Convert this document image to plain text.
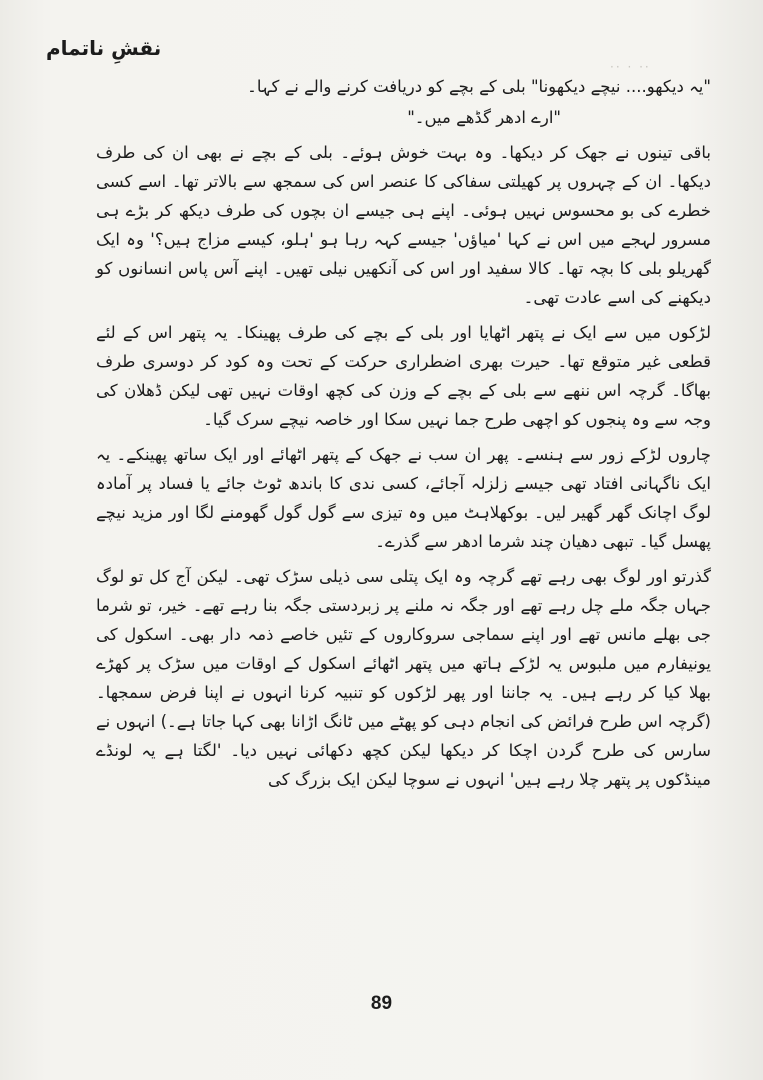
نقشِ ناتمام
·· · ··

"یہ دیکھو.... نیچے دیکھونا" بلی کے بچے کو دریافت کرنے والے نے کہا۔

"ارے ادھر گڈھے میں۔"

باقی تینوں نے جھک کر دیکھا۔ وہ بہت خوش ہوئے۔ بلی کے بچے نے بھی ان کی طرف دیکھا۔ ان کے چہروں پر کھیلتی سفاکی کا عنصر اس کی سمجھ سے بالاتر تھا۔ اسے کسی خطرے کی بو محسوس نہیں ہوئی۔ اپنے ہی جیسے ان بچوں کی طرف دیکھ کر بڑے ہی مسرور لہجے میں اس نے کہا 'میاؤں' جیسے کہہ رہا ہو 'ہلو، کیسے مزاج ہیں؟' وہ ایک گھریلو بلی کا بچہ تھا۔ کالا سفید اور اس کی آنکھیں نیلی تھیں۔ اپنے آس پاس انسانوں کو دیکھنے کی اسے عادت تھی۔

لڑکوں میں سے ایک نے پتھر اٹھایا اور بلی کے بچے کی طرف پھینکا۔ یہ پتھر اس کے لئے قطعی غیر متوقع تھا۔ حیرت بھری اضطراری حرکت کے تحت وہ کود کر دوسری طرف بھاگا۔ گرچہ اس ننھے سے بلی کے بچے کے وزن کی کچھ اوقات نہیں تھی لیکن ڈھلان کی وجہ سے وہ پنجوں کو اچھی طرح جما نہیں سکا اور خاصہ نیچے سرک گیا۔

چاروں لڑکے زور سے ہنسے۔ پھر ان سب نے جھک کے پتھر اٹھائے اور ایک ساتھ پھینکے۔ یہ ایک ناگہانی افتاد تھی جیسے زلزلہ آجائے، کسی ندی کا باندھ ٹوٹ جائے یا فساد پر آمادہ لوگ اچانک گھر گھیر لیں۔ بوکھلاہٹ میں وہ تیزی سے گول گول گھومنے لگا اور مزید نیچے پھسل گیا۔ تبھی دھیان چند شرما ادھر سے گذرے۔

گذرتو اور لوگ بھی رہے تھے گرچہ وہ ایک پتلی سی ذیلی سڑک تھی۔ لیکن آج کل تو لوگ جہاں جگہ ملے چل رہے تھے اور جگہ نہ ملنے پر زبردستی جگہ بنا رہے تھے۔ خیر، تو شرما جی بھلے مانس تھے اور اپنے سماجی سروکاروں کے تئیں خاصے ذمہ دار بھی۔ اسکول کی یونیفارم میں ملبوس یہ لڑکے ہاتھ میں پتھر اٹھائے اسکول کے اوقات میں سڑک پر کھڑے بھلا کیا کر رہے ہیں۔ یہ جاننا اور پھر لڑکوں کو تنبیہ کرنا انہوں نے اپنا فرض سمجھا۔ (گرچہ اس طرح فرائض کی انجام دہی کو پھٹے میں ٹانگ اڑانا بھی کہا جاتا ہے۔) انہوں نے سارس کی طرح گردن اچکا کر دیکھا لیکن کچھ دکھائی نہیں دیا۔ 'لگتا ہے یہ لونڈے مینڈکوں پر پتھر چلا رہے ہیں' انہوں نے سوچا لیکن ایک بزرگ کی

89
